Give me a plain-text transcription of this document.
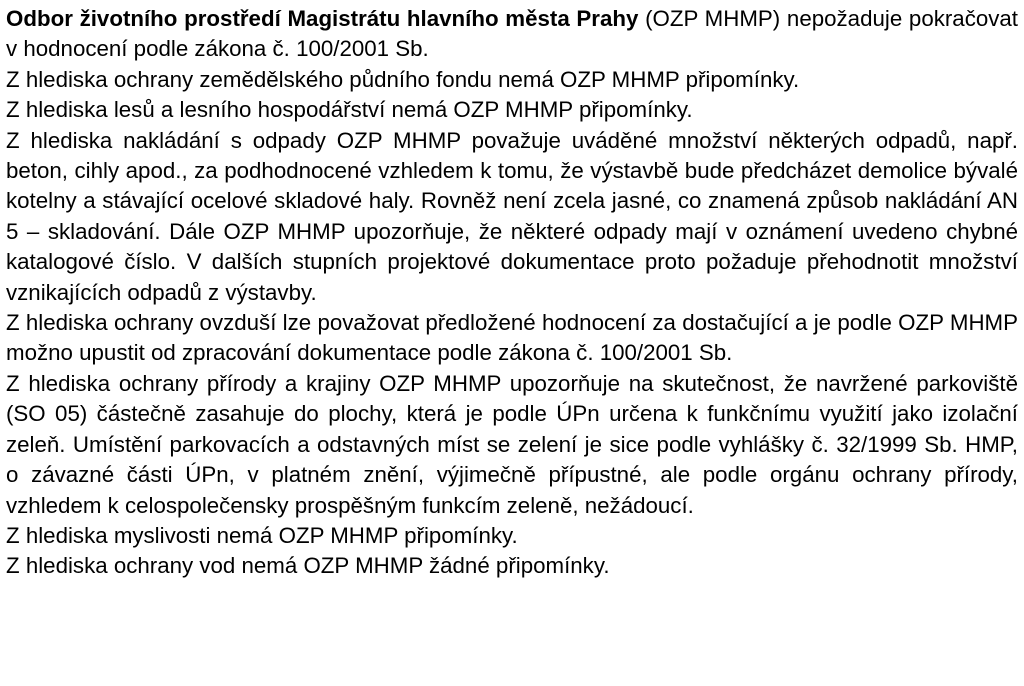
Odbor životního prostředí Magistrátu hlavního města Prahy (OZP MHMP) nepožaduje pokračovat v hodnocení podle zákona č. 100/2001 Sb.

Z hlediska ochrany zemědělského půdního fondu nemá OZP MHMP připomínky.

Z hlediska lesů a lesního hospodářství nemá OZP MHMP připomínky.

Z hlediska nakládání s odpady OZP MHMP považuje uváděné množství některých odpadů, např. beton, cihly apod., za podhodnocené vzhledem k tomu, že výstavbě bude předcházet demolice bývalé kotelny a stávající ocelové skladové haly. Rovněž není zcela jasné, co znamená způsob nakládání AN 5 – skladování. Dále OZP MHMP upozorňuje, že některé odpady mají v oznámení uvedeno chybné katalogové číslo. V dalších stupních projektové dokumentace proto požaduje přehodnotit množství vznikajících odpadů z výstavby.

Z hlediska ochrany ovzduší lze považovat předložené hodnocení za dostačující a je podle OZP MHMP možno upustit od zpracování dokumentace podle zákona č. 100/2001 Sb.

Z hlediska ochrany přírody a krajiny OZP MHMP upozorňuje na skutečnost, že navržené parkoviště (SO 05) částečně zasahuje do plochy, která je podle ÚPn určena k funkčnímu využití jako izolační zeleň. Umístění parkovacích a odstavných míst se zelení je sice podle vyhlášky č. 32/1999 Sb. HMP, o závazné části ÚPn, v platném znění, výjimečně přípustné, ale podle orgánu ochrany přírody, vzhledem k celospolečensky prospěšným funkcím zeleně, nežádoucí.

Z hlediska myslivosti nemá OZP MHMP připomínky.

Z hlediska ochrany vod nemá OZP MHMP žádné připomínky.
